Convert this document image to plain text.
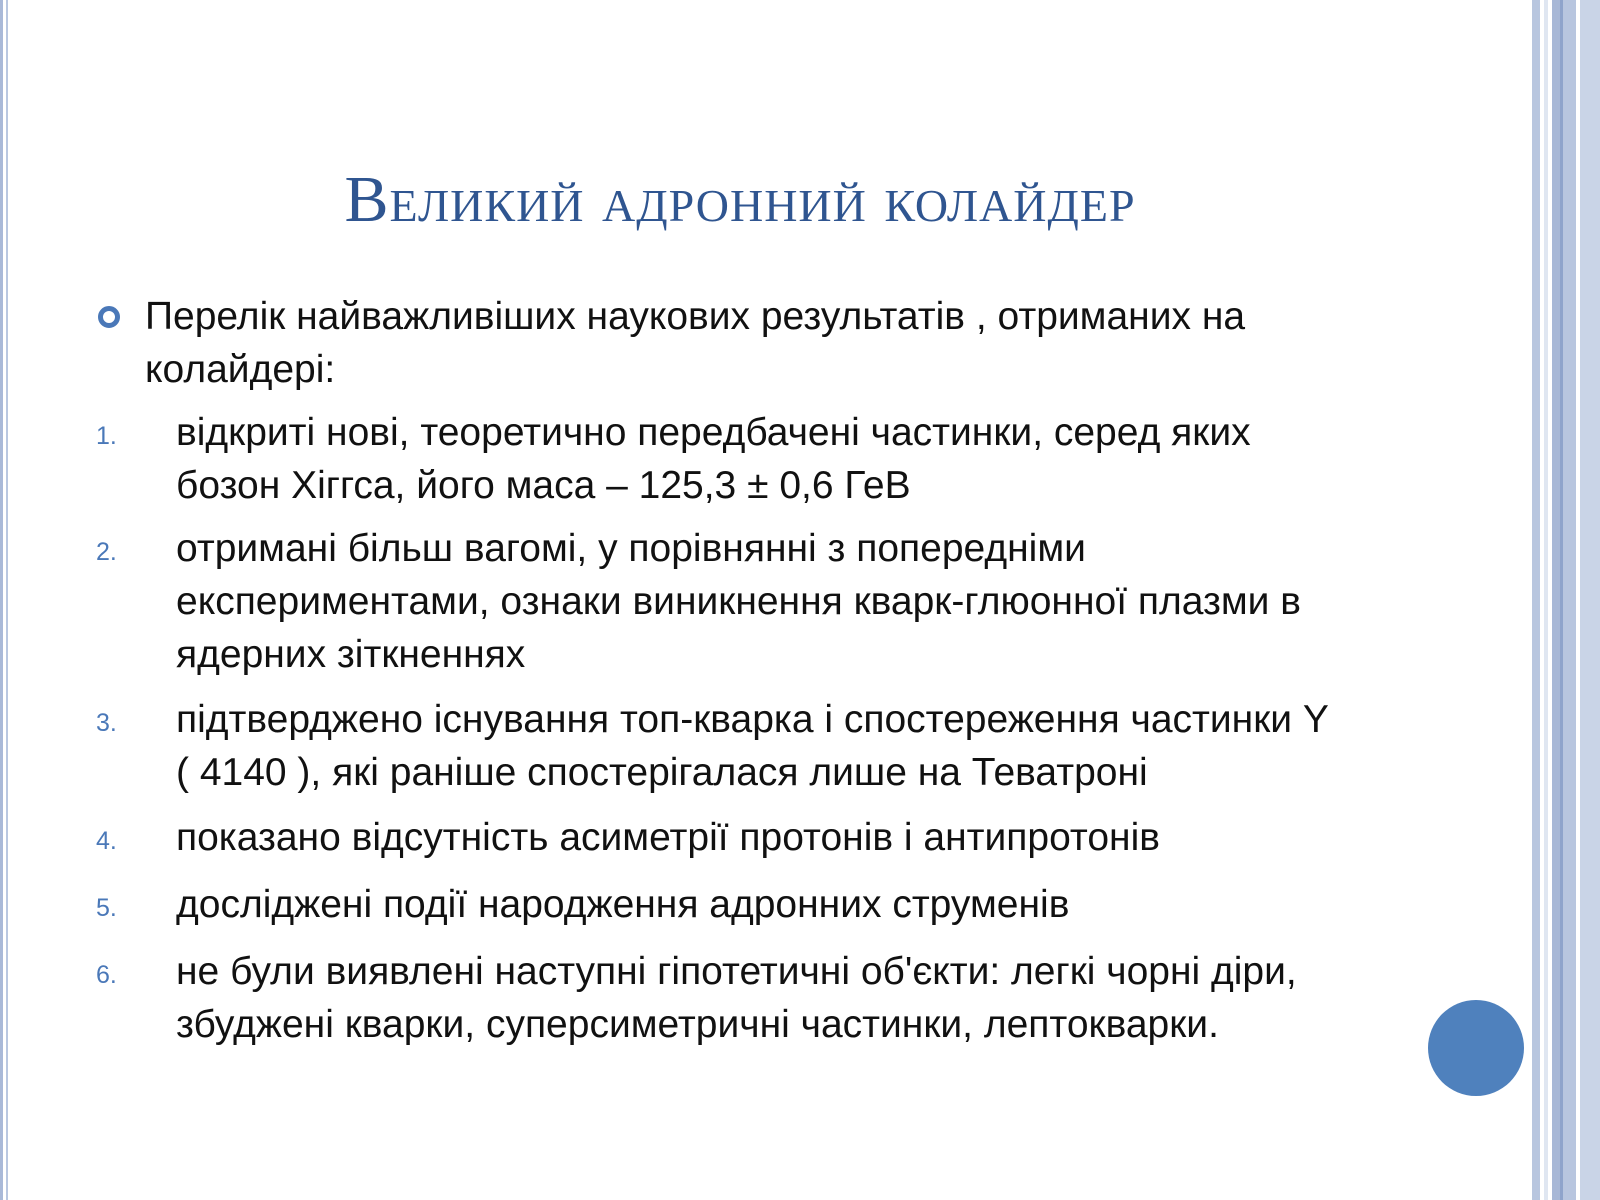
Великий адронний колайдер
Перелік найважливіших наукових результатів , отриманих на колайдері:
1. відкриті нові, теоретично передбачені частинки, серед яких бозон Хіггса, його маса – 125,3 ± 0,6 ГеВ
2. отримані більш вагомі, у порівнянні з попередніми експериментами, ознаки виникнення кварк-глюонної плазми в ядерних зіткненнях
3. підтверджено існування топ-кварка і спостереження частинки Y ( 4140 ), які раніше спостерігалася лише на Теватроні
4. показано відсутність асиметрії протонів і антипротонів
5. досліджені події народження адронних струменів
6. не були виявлені наступні гіпотетичні об'єкти: легкі чорні діри, збуджені кварки, суперсиметричні частинки, лептокварки.
